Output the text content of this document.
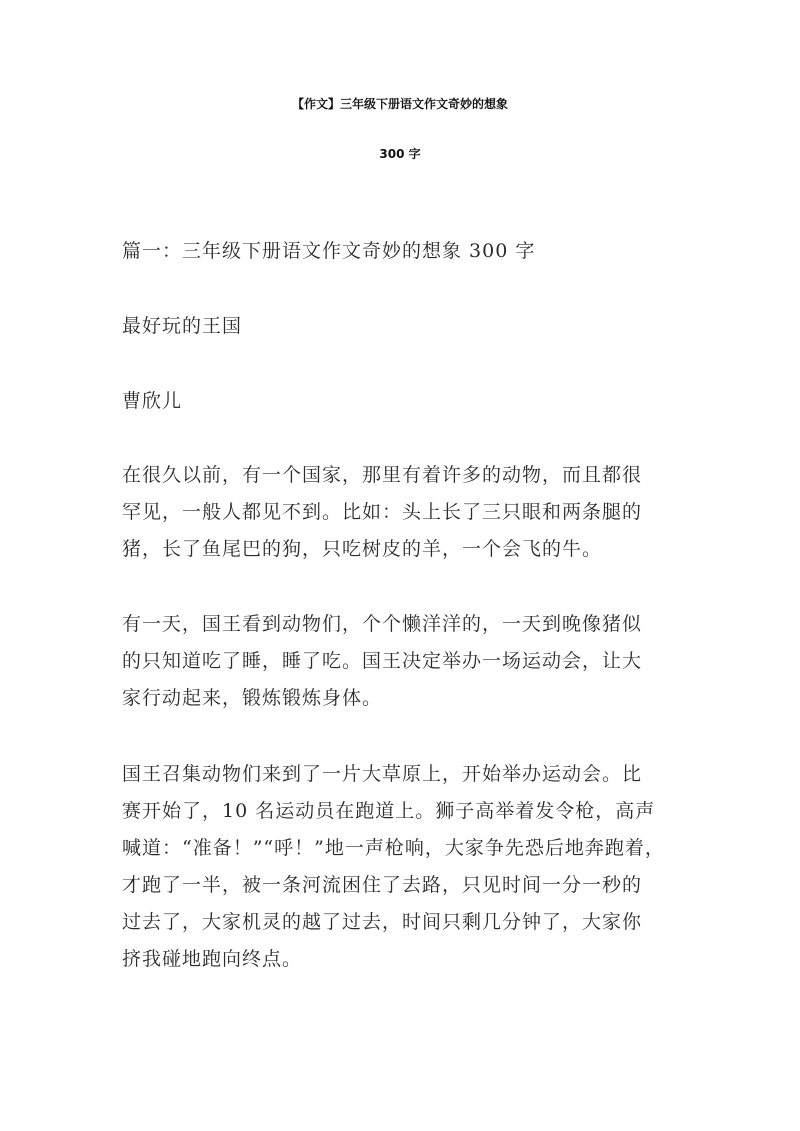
【作文】三年级下册语文作文奇妙的想象
300 字
篇一：三年级下册语文作文奇妙的想象 300 字
最好玩的王国
曹欣儿
在很久以前，有一个国家，那里有着许多的动物，而且都很
罕见，一般人都见不到。比如：头上长了三只眼和两条腿的
猪，长了鱼尾巴的狗，只吃树皮的羊，一个会飞的牛。
有一天，国王看到动物们，个个懒洋洋的，一天到晚像猪似
的只知道吃了睡，睡了吃。国王决定举办一场运动会，让大
家行动起来，锻炼锻炼身体。
国王召集动物们来到了一片大草原上，开始举办运动会。比
赛开始了，10 名运动员在跑道上。狮子高举着发令枪，高声
喊道：“准备！”“呼！”地一声枪响，大家争先恐后地奔跑着，
才跑了一半，被一条河流困住了去路，只见时间一分一秒的
过去了，大家机灵的越了过去，时间只剩几分钟了，大家你
挤我碰地跑向终点。
